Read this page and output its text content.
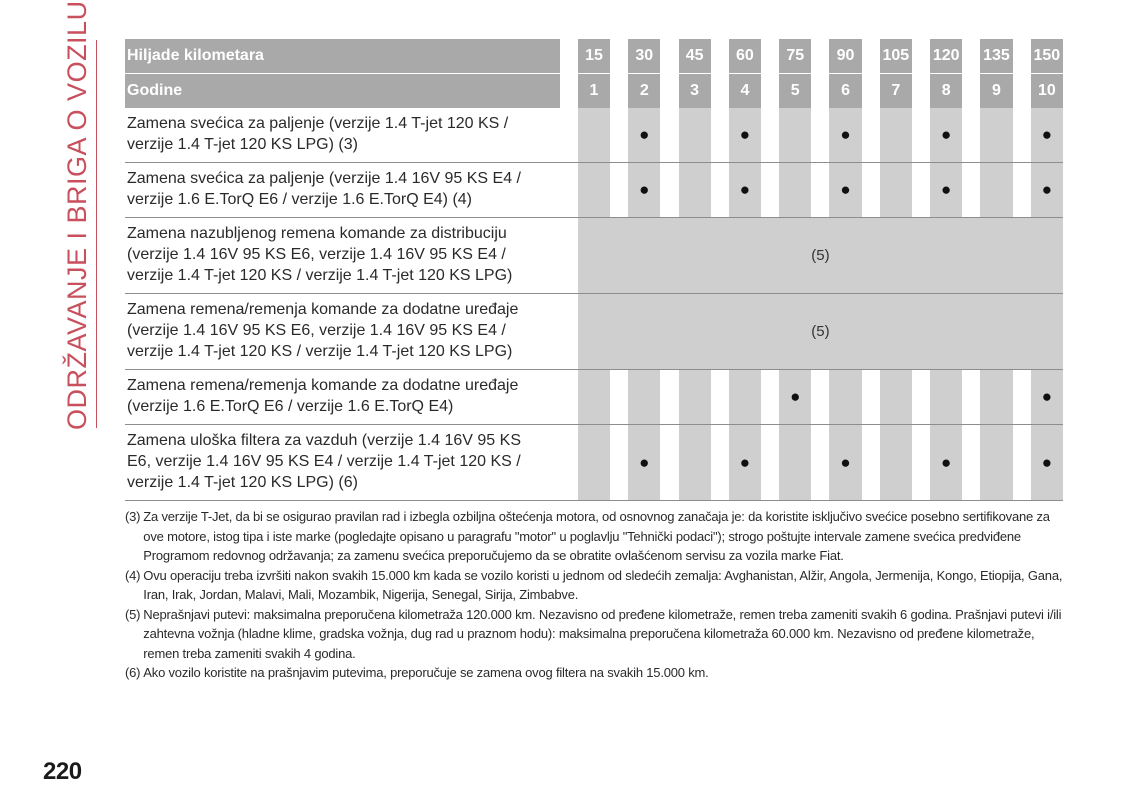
ODRŽAVANJE I BRIGA O VOZILU	Hiljade kilometara		15		30		45		60		75		90		105		120		135		150
Godine		1		2		3		4		5		6		7		8		9		10

Zamena svećica za paljenje (verzije 1.4 T-jet 120 KS /
verzije 1.4 T-jet 120 KS LPG) (3)				●				●				●				●				●

Zamena svećica za paljenje (verzije 1.4 16V 95 KS E4 /
verzije 1.6 E.TorQ E6 / verzije 1.6 E.TorQ E4) (4)				●				●				●				●				●

Zamena nazubljenog remena komande za distribuciju
(verzije 1.4 16V 95 KS E6, verzije 1.4 16V 95 KS E4 /
verzije 1.4 T-jet 120 KS / verzije 1.4 T-jet 120 KS LPG)		(5)																		

Zamena remena/remenja komande za dodatne uređaje
(verzije 1.4 16V 95 KS E6, verzije 1.4 16V 95 KS E4 /
verzije 1.4 T-jet 120 KS / verzije 1.4 T-jet 120 KS LPG)		(5)																		

Zamena remena/remenja komande za dodatne uređaje
(verzije 1.6 E.TorQ E6 / verzije 1.6 E.TorQ E4)										●										●

Zamena uloška filtera za vazduh (verzije 1.4 16V 95 KS
E6, verzije 1.4 16V 95 KS E4 / verzije 1.4 T-jet 120 KS /
verzije 1.4 T-jet 120 KS LPG) (6)				●				●				●				●				●
(3) Za verzije T-Jet, da bi se osigurao pravilan rad i izbegla ozbiljna oštećenja motora, od osnovnog zanačaja je: da koristite isključivo svećice posebno sertifikovane za ove motore, istog tipa i iste marke (pogledajte opisano u paragrafu "motor" u poglavlju "Tehnički podaci"); strogo poštujte intervale zamene svećica predviđene Programom redovnog održavanja; za zamenu svećica preporučujemo da se obratite ovlašćenom servisu za vozila marke Fiat.
(4) Ovu operaciju treba izvršiti nakon svakih 15.000 km kada se vozilo koristi u jednom od sledećih zemalja: Avghanistan, Alžir, Angola, Jermenija, Kongo, Etiopija, Gana, Iran, Irak, Jordan, Malavi, Mali, Mozambik, Nigerija, Senegal, Sirija, Zimbabve.
(5) Neprašnjavi putevi: maksimalna preporučena kilometraža 120.000 km. Nezavisno od pređene kilometraže, remen treba zameniti svakih 6 godina. Prašnjavi putevi i/ili zahtevna vožnja (hladne klime, gradska vožnja, dug rad u praznom hodu): maksimalna preporučena kilometraža 60.000 km. Nezavisno od pređene kilometraže, remen treba zameniti svakih 4 godina.
(6) Ako vozilo koristite na prašnjavim putevima, preporučuje se zamena ovog filtera na svakih 15.000 km.
220
